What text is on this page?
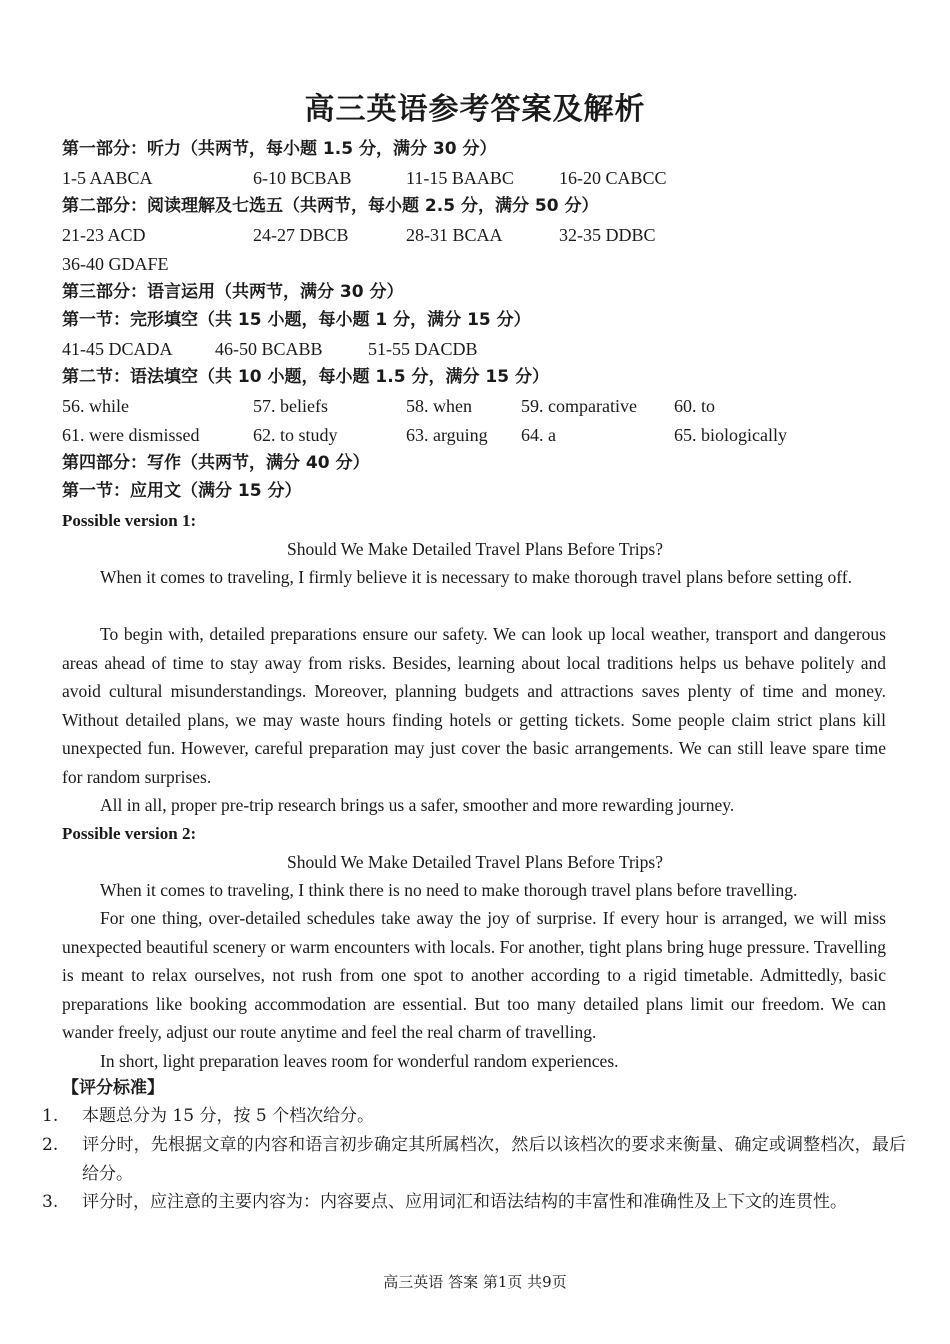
高三英语参考答案及解析
第一部分：听力（共两节，每小题 1.5 分，满分 30 分）
1-5 AABCA	6-10 BCBAB	11-15 BAABC	16-20 CABCC
第二部分：阅读理解及七选五（共两节，每小题 2.5 分，满分 50 分）
21-23 ACD	24-27 DBCB	28-31 BCAA	32-35 DDBC
36-40 GDAFE
第三部分：语言运用（共两节，满分 30 分）
第一节：完形填空（共 15 小题，每小题 1 分，满分 15 分）
41-45 DCADA 46-50 BCABB	51-55 DACDB
第二节：语法填空（共 10 小题，每小题 1.5 分，满分 15 分）
56. while	57. beliefs	58. when	59. comparative 60. to
61. were dismissed	62. to study	63. arguing 64. a	65. biologically
第四部分：写作（共两节，满分 40 分）
第一节：应用文（满分 15 分）
Possible version 1:
Should We Make Detailed Travel Plans Before Trips?

When it comes to traveling, I firmly believe it is necessary to make thorough travel plans before setting off.

To begin with, detailed preparations ensure our safety. We can look up local weather, transport and dangerous areas ahead of time to stay away from risks. Besides, learning about local traditions helps us behave politely and avoid cultural misunderstandings. Moreover, planning budgets and attractions saves plenty of time and money. Without detailed plans, we may waste hours finding hotels or getting tickets. Some people claim strict plans kill unexpected fun. However, careful preparation may just cover the basic arrangements. We can still leave spare time for random surprises.

All in all, proper pre-trip research brings us a safer, smoother and more rewarding journey.

Possible version 2:
Should We Make Detailed Travel Plans Before Trips?

When it comes to traveling, I think there is no need to make thorough travel plans before travelling.

For one thing, over-detailed schedules take away the joy of surprise. If every hour is arranged, we will miss unexpected beautiful scenery or warm encounters with locals. For another, tight plans bring huge pressure. Travelling is meant to relax ourselves, not rush from one spot to another according to a rigid timetable. Admittedly, basic preparations like booking accommodation are essential. But too many detailed plans limit our freedom. We can wander freely, adjust our route anytime and feel the real charm of travelling.

In short, light preparation leaves room for wonderful random experiences.

【评分标准】

1. 本题总分为 15 分，按 5 个档次给分。

2. 评分时，先根据文章的内容和语言初步确定其所属档次，然后以该档次的要求来衡量、确定或调整档次，最后给分。

3. 评分时，应注意的主要内容为：内容要点、应用词汇和语法结构的丰富性和准确性及上下文的连贯性。

高三英语 答案 第1页 共9页
